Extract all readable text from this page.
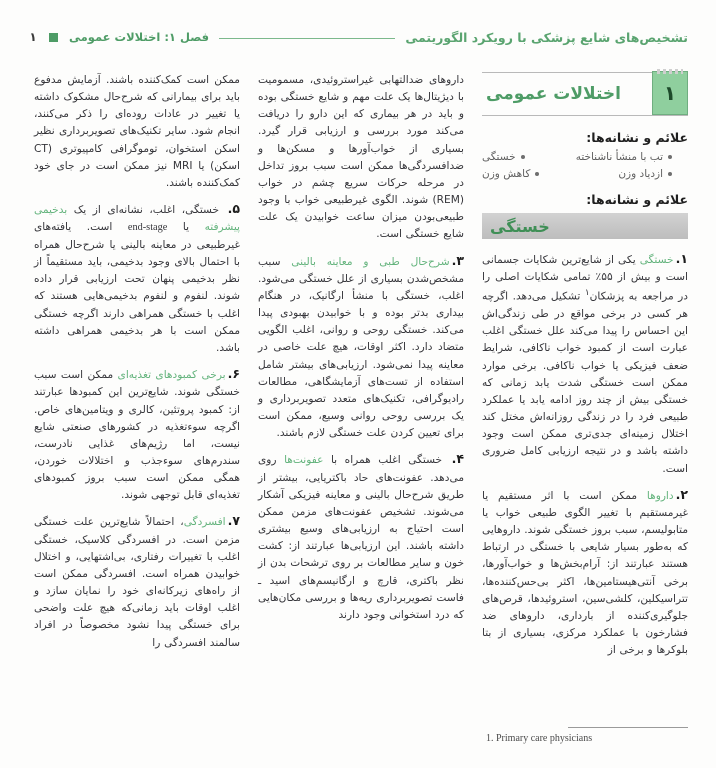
تشخیص‌های شایع پزشکی با رویکرد الگوریتمی
فصل ۱: اختلالات عمومی
۱
۱
اختلالات عمومی
علائم و نشانه‌ها:
تب با منشأ ناشناخته
خستگی
ازدیاد وزن
کاهش وزن
علائم و نشانه‌ها:
خستگی

۱.خستگی یکی از شایع‌ترین شکایات جسمانی است و بیش از ۵۵٪ تمامی شکایات اصلی را در مراجعه به پزشکان$^۱$ تشکیل می‌دهد. اگرچه هر کسی در برخی مواقع در طی زندگی‌اش این احساس را پیدا می‌کند علل خستگی اغلب عبارت است از کمبود خواب ناکافی، شرایط ضعف فیزیکی یا خواب ناکافی. برخی موارد ممکن است خستگی شدت یابد زمانی که خستگی بیش از چند روز ادامه یابد یا عملکرد طبیعی فرد را در زندگی روزانه‌اش مختل کند اختلال زمینه‌ای جدی‌تری ممکن است وجود داشته باشد و در نتیجه ارزیابی کامل ضروری است.

۲.داروها ممکن است با اثر مستقیم یا غیرمستقیم با تغییر الگوی طبیعی خواب یا متابولیسم، سبب بروز خستگی شوند. داروهایی که به‌طور بسیار شایعی با خستگی در ارتباط هستند عبارتند از: آرام‌بخش‌ها و خواب‌آورها، برخی آنتی‌هیستامین‌ها، اکثر بی‌حس‌کننده‌ها، تتراسیکلین، کلشی‌سین، استروئیدها، قرص‌های جلوگیری‌کننده از بارداری، داروهای ضد فشارخون با عملکرد مرکزی، بسیاری از بتا بلوکرها و برخی از

1. Primary care physicians

داروهای ضدالتهابی غیراستروئیدی، مسمومیت با دیژیتال‌ها یک علت مهم و شایع خستگی بوده و باید در هر بیماری که این دارو را دریافت می‌کند مورد بررسی و ارزیابی قرار گیرد. بسیاری از خواب‌آورها و مسکن‌ها و ضدافسردگی‌ها ممکن است سبب بروز تداخل در مرحله حرکات سریع چشم در خواب (REM) شوند. الگوی غیرطبیعی خواب با وجود طبیعی‌بودن میزان ساعت خوابیدن یک علت شایع خستگی است.

۳.شرح‌حال طبی و معاینه بالینی سبب مشخص‌شدن بسیاری از علل خستگی می‌شود. اغلب، خستگی با منشأ ارگانیک، در هنگام بیداری بدتر بوده و با خوابیدن بهبودی پیدا می‌کند. خستگی روحی و روانی، اغلب الگویی متضاد دارد. اکثر اوقات، هیچ علت خاصی در معاینه پیدا نمی‌شود. ارزیابی‌های بیشتر شامل استفاده از تست‌های آزمایشگاهی، مطالعات رادیوگرافی، تکنیک‌های متعدد تصویربرداری و یک بررسی روحی روانی وسیع، ممکن است برای تعیین کردن علت خستگی لازم باشند.

۴. خستگی اغلب همراه با عفونت‌ها روی می‌دهد. عفونت‌های حاد باکتریایی، بیشتر از طریق شرح‌حال بالینی و معاینه فیزیکی آشکار می‌شوند. تشخیص عفونت‌های مزمن ممکن است احتیاج به ارزیابی‌های وسیع بیشتری داشته باشند. این ارزیابی‌ها عبارتند از: کشت خون و سایر مطالعات بر روی ترشحات بدن از نظر باکتری، قارچ و ارگانیسم‌های اسید ـ فاست تصویربرداری ریه‌ها و بررسی مکان‌هایی که درد استخوانی وجود دارند

ممکن است کمک‌کننده باشند. آزمایش مدفوع باید برای بیمارانی که شرح‌حال مشکوک داشته یا تغییر در عادات روده‌ای را ذکر می‌کنند، انجام شود. سایر تکنیک‌های تصویربرداری نظیر اسکن استخوان، توموگرافی کامپیوتری (CT اسکن) یا MRI نیز ممکن است در جای خود کمک‌کننده باشند.

۵. خستگی، اغلب، نشانه‌ای از یک بدخیمی پیشرفته یا end-stage است. یافته‌های غیرطبیعی در معاینه بالینی یا شرح‌حال همراه با احتمال بالای وجود بدخیمی، باید مستقیماً از نظر بدخیمی پنهان تحت ارزیابی قرار داده شوند. لنفوم و لنفوم بدخیمی‌هایی هستند که اغلب با خستگی همراهی دارند اگرچه خستگی ممکن است با هر بدخیمی همراهی داشته باشد.

۶.برخی کمبودهای تغذیه‌ای ممکن است سبب خستگی شوند. شایع‌ترین این کمبودها عبارتند از: کمبود پروتئین، کالری و ویتامین‌های خاص. اگرچه سوءتغذیه در کشورهای صنعتی شایع نیست، اما رژیم‌های غذایی نادرست، سندرم‌های سوءجذب و اختلالات خوردن، همگی ممکن است سبب بروز کمبودهای تغذیه‌ای قابل توجهی شوند.

۷.افسردگی، احتمالاً شایع‌ترین علت خستگی مزمن است. در افسردگی کلاسیک، خستگی اغلب با تغییرات رفتاری، بی‌اشتهایی، و اختلال خوابیدن همراه است. افسردگی ممکن است از راه‌های زیرکانه‌ای خود را نمایان سازد و اغلب اوقات باید زمانی‌که هیچ علت واضحی برای خستگی پیدا نشود مخصوصاً در افراد سالمند افسردگی را
